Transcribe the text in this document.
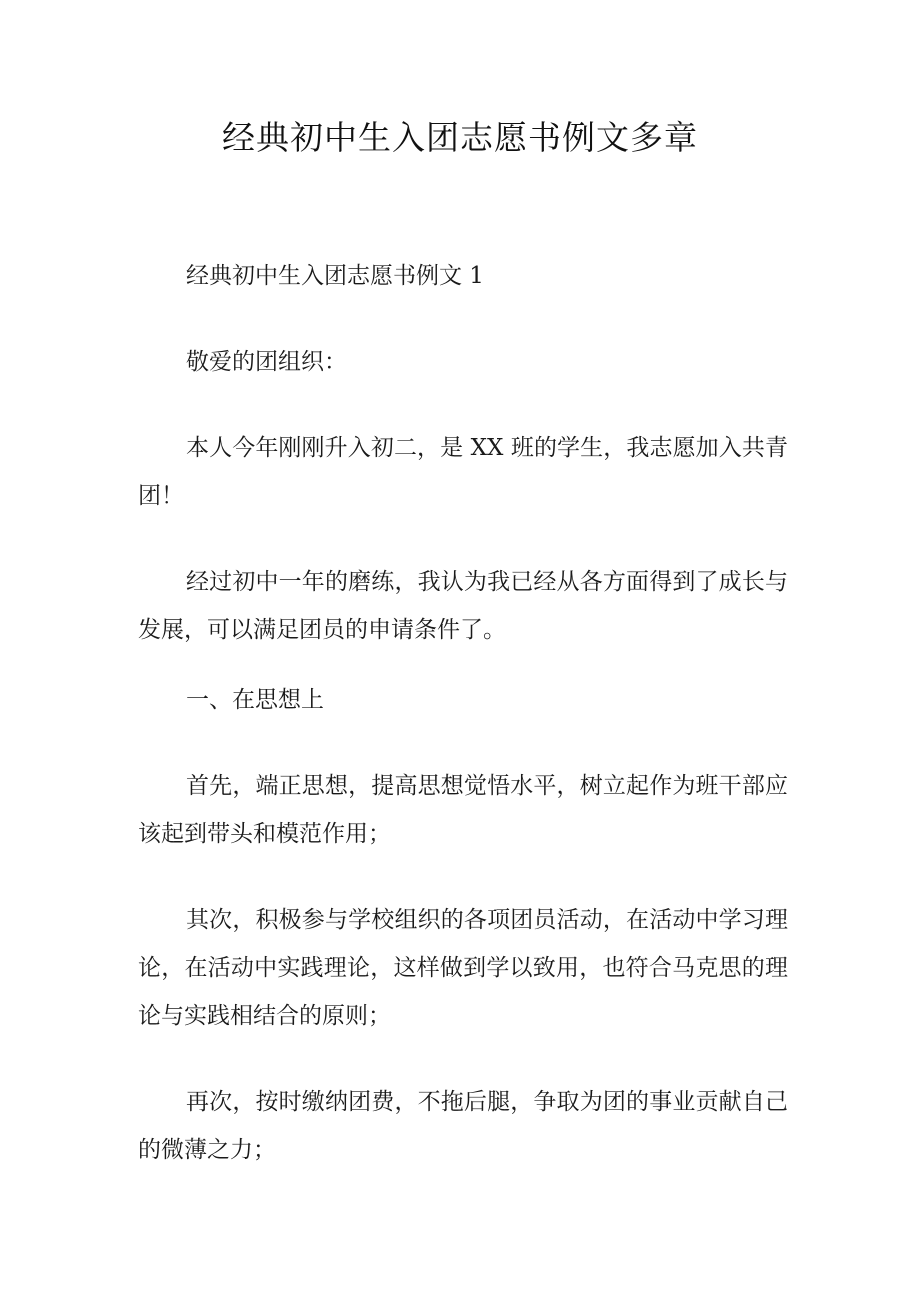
经典初中生入团志愿书例文多章

经典初中生入团志愿书例文 1

敬爱的团组织：

本人今年刚刚升入初二，是 XX 班的学生，我志愿加入共青团！

经过初中一年的磨练，我认为我已经从各方面得到了成长与发展，可以满足团员的申请条件了。

一、在思想上

首先，端正思想，提高思想觉悟水平，树立起作为班干部应该起到带头和模范作用；

其次，积极参与学校组织的各项团员活动，在活动中学习理论，在活动中实践理论，这样做到学以致用，也符合马克思的理论与实践相结合的原则；

再次，按时缴纳团费，不拖后腿，争取为团的事业贡献自己的微薄之力；
